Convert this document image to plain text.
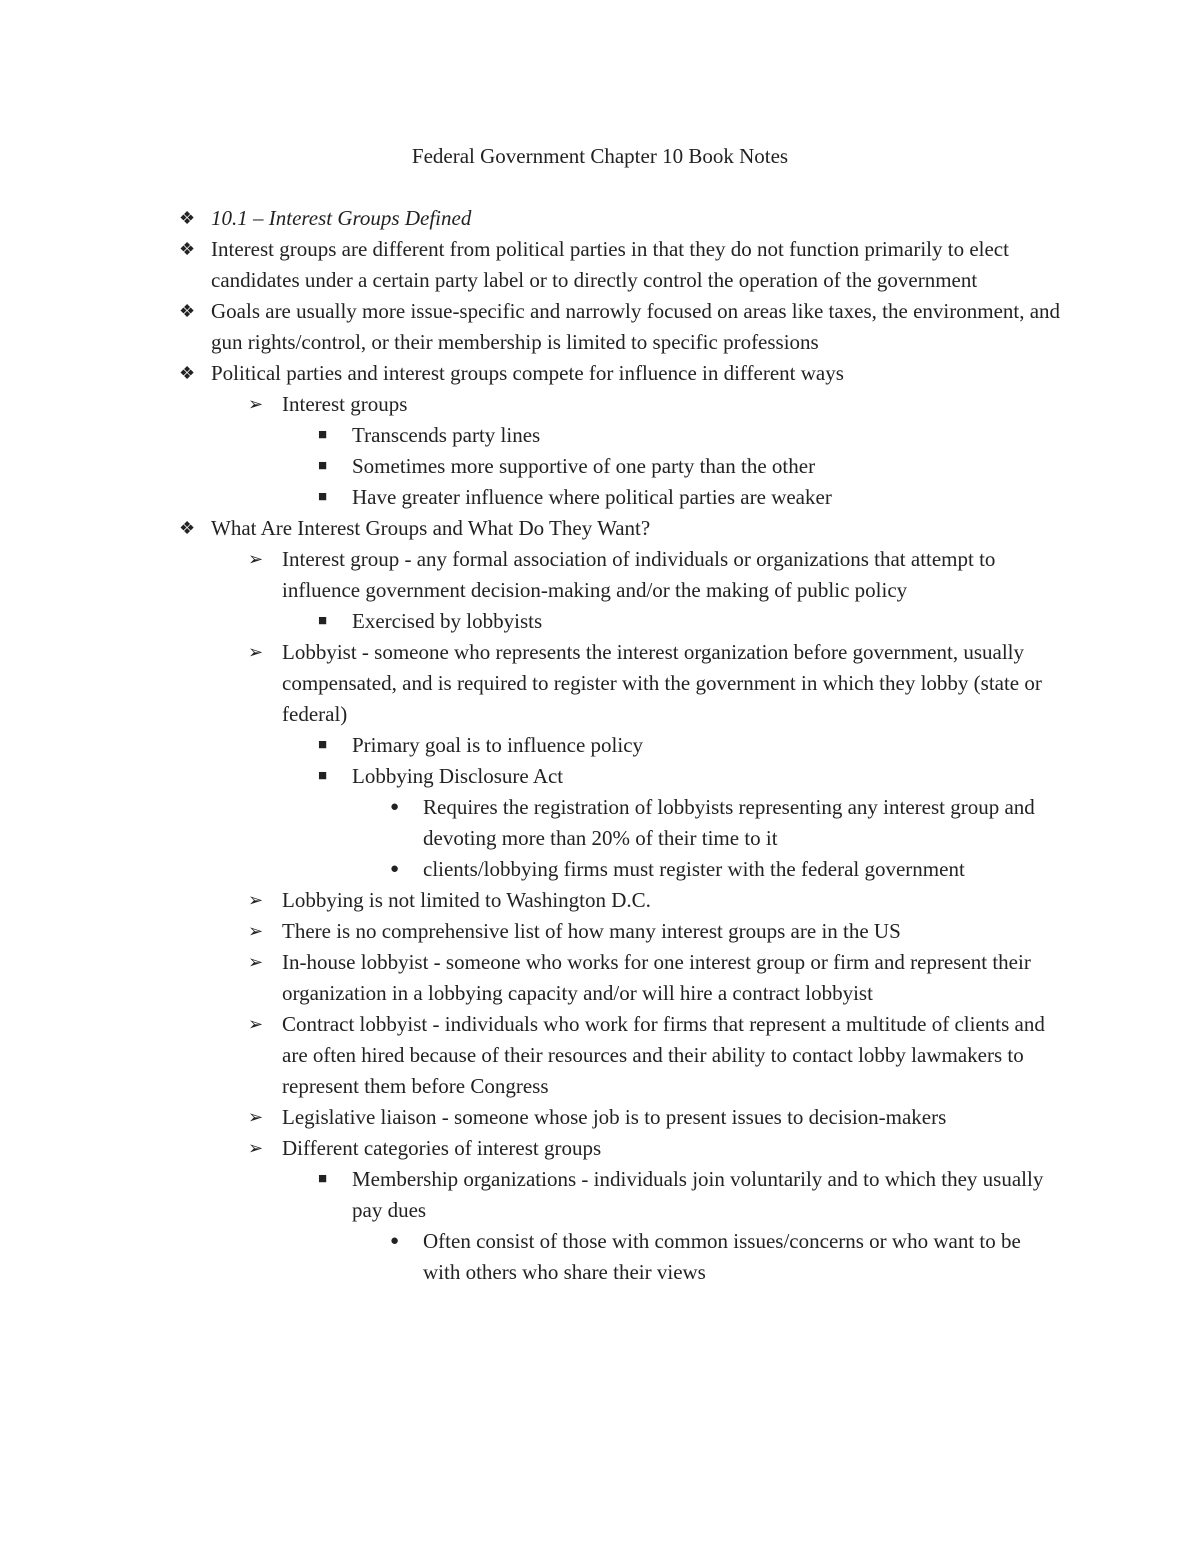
Federal Government Chapter 10 Book Notes
❖ 10.1 – Interest Groups Defined
❖ Interest groups are different from political parties in that they do not function primarily to elect candidates under a certain party label or to directly control the operation of the government
❖ Goals are usually more issue-specific and narrowly focused on areas like taxes, the environment, and gun rights/control, or their membership is limited to specific professions
❖ Political parties and interest groups compete for influence in different ways
➢ Interest groups
■ Transcends party lines
■ Sometimes more supportive of one party than the other
■ Have greater influence where political parties are weaker
❖ What Are Interest Groups and What Do They Want?
➢ Interest group - any formal association of individuals or organizations that attempt to influence government decision-making and/or the making of public policy
■ Exercised by lobbyists
➢ Lobbyist - someone who represents the interest organization before government, usually compensated, and is required to register with the government in which they lobby (state or federal)
■ Primary goal is to influence policy
■ Lobbying Disclosure Act
● Requires the registration of lobbyists representing any interest group and devoting more than 20% of their time to it
● clients/lobbying firms must register with the federal government
➢ Lobbying is not limited to Washington D.C.
➢ There is no comprehensive list of how many interest groups are in the US
➢ In-house lobbyist - someone who works for one interest group or firm and represent their organization in a lobbying capacity and/or will hire a contract lobbyist
➢ Contract lobbyist - individuals who work for firms that represent a multitude of clients and are often hired because of their resources and their ability to contact lobby lawmakers to represent them before Congress
➢ Legislative liaison - someone whose job is to present issues to decision-makers
➢ Different categories of interest groups
■ Membership organizations - individuals join voluntarily and to which they usually pay dues
● Often consist of those with common issues/concerns or who want to be with others who share their views
